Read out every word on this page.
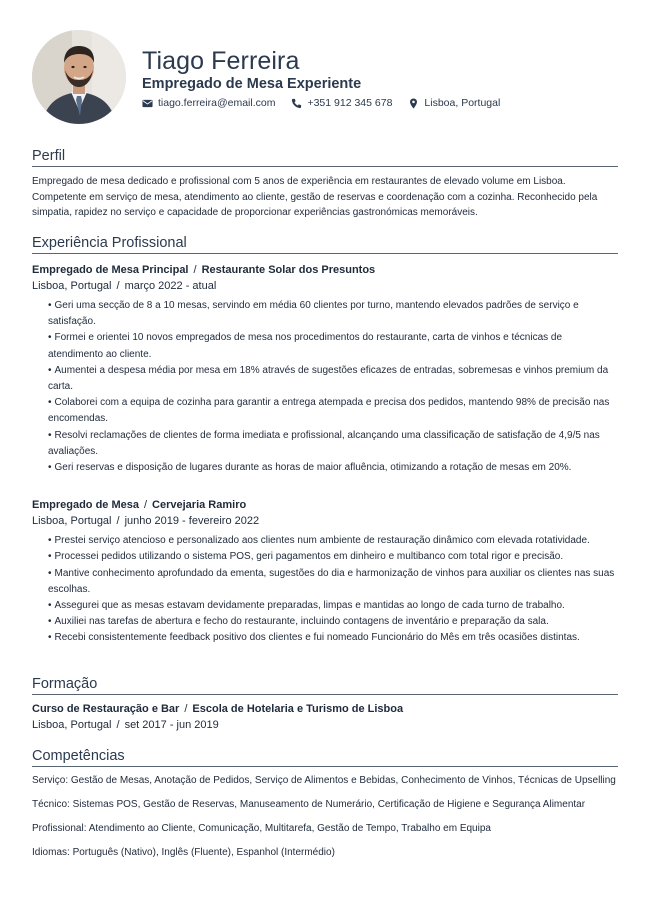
Tiago Ferreira
Empregado de Mesa Experiente
tiago.ferreira@email.com	+351 912 345 678	Lisboa, Portugal
Perfil
Empregado de mesa dedicado e profissional com 5 anos de experiência em restaurantes de elevado volume em Lisboa. Competente em serviço de mesa, atendimento ao cliente, gestão de reservas e coordenação com a cozinha. Reconhecido pela simpatia, rapidez no serviço e capacidade de proporcionar experiências gastronómicas memoráveis.
Experiência Profissional
Empregado de Mesa Principal / Restaurante Solar dos Presuntos
Lisboa, Portugal / março 2022 - atual
• Geri uma secção de 8 a 10 mesas, servindo em média 60 clientes por turno, mantendo elevados padrões de serviço e satisfação.
• Formei e orientei 10 novos empregados de mesa nos procedimentos do restaurante, carta de vinhos e técnicas de atendimento ao cliente.
• Aumentei a despesa média por mesa em 18% através de sugestões eficazes de entradas, sobremesas e vinhos premium da carta.
• Colaborei com a equipa de cozinha para garantir a entrega atempada e precisa dos pedidos, mantendo 98% de precisão nas encomendas.
• Resolvi reclamações de clientes de forma imediata e profissional, alcançando uma classificação de satisfação de 4,9/5 nas avaliações.
• Geri reservas e disposição de lugares durante as horas de maior afluência, otimizando a rotação de mesas em 20%.
Empregado de Mesa / Cervejaria Ramiro
Lisboa, Portugal / junho 2019 - fevereiro 2022
• Prestei serviço atencioso e personalizado aos clientes num ambiente de restauração dinâmico com elevada rotatividade.
• Processei pedidos utilizando o sistema POS, geri pagamentos em dinheiro e multibanco com total rigor e precisão.
• Mantive conhecimento aprofundado da ementa, sugestões do dia e harmonização de vinhos para auxiliar os clientes nas suas escolhas.
• Assegurei que as mesas estavam devidamente preparadas, limpas e mantidas ao longo de cada turno de trabalho.
• Auxiliei nas tarefas de abertura e fecho do restaurante, incluindo contagens de inventário e preparação da sala.
• Recebi consistentemente feedback positivo dos clientes e fui nomeado Funcionário do Mês em três ocasiões distintas.
Formação
Curso de Restauração e Bar / Escola de Hotelaria e Turismo de Lisboa
Lisboa, Portugal / set 2017 - jun 2019
Competências
Serviço: Gestão de Mesas, Anotação de Pedidos, Serviço de Alimentos e Bebidas, Conhecimento de Vinhos, Técnicas de Upselling
Técnico: Sistemas POS, Gestão de Reservas, Manuseamento de Numerário, Certificação de Higiene e Segurança Alimentar
Profissional: Atendimento ao Cliente, Comunicação, Multitarefa, Gestão de Tempo, Trabalho em Equipa
Idiomas: Português (Nativo), Inglês (Fluente), Espanhol (Intermédio)
